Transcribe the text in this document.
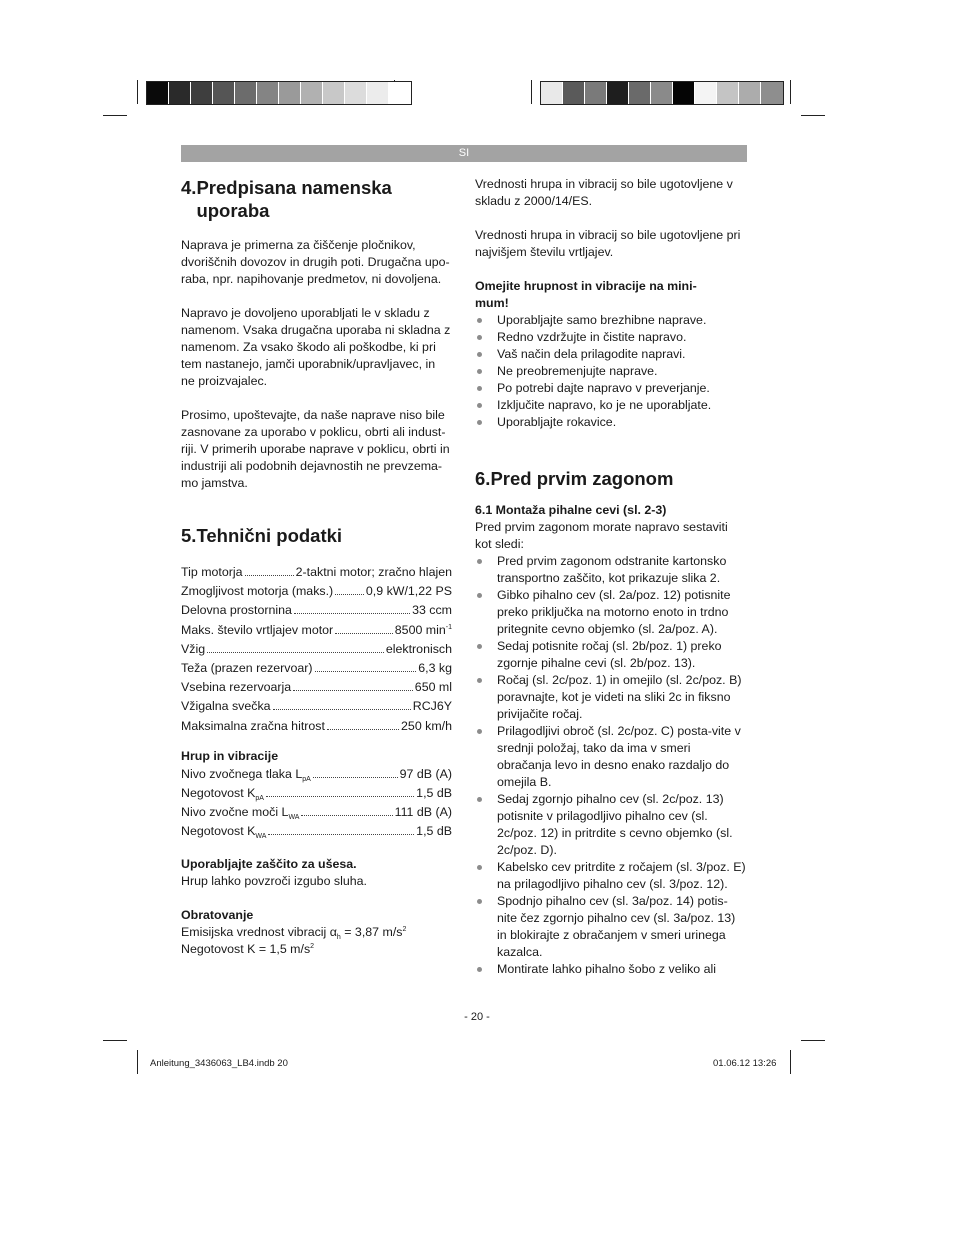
SI
4. Predpisana namenska uporaba

Naprava je primerna za čiščenje pločnikov, dvoriščnih dovozov in drugih poti. Drugačna upo-raba, npr. napihovanje predmetov, ni dovoljena.

Napravo je dovoljeno uporabljati le v skladu z namenom. Vsaka drugačna uporaba ni skladna z namenom. Za vsako škodo ali poškodbe, ki pri tem nastanejo, jamči uporabnik/upravljavec, in ne proizvajalec.

Prosimo, upoštevajte, da naše naprave niso bile zasnovane za uporabo v poklicu, obrti ali indust-riji. V primerih uporabe naprave v poklicu, obrti in industriji ali podobnih dejavnostih ne prevzema-mo jamstva.

5. Tehnični podatki
Tip motorja	2-taktni motor; zračno hlajen
Zmogljivost motorja (maks.)	0,9 kW/1,22 PS
Delovna prostornina	33 ccm
Maks. število vrtljajev motor	8500 $\min^{-1}$
Vžig	elektronisch
Teža (prazen rezervoar)	6,3 kg
Vsebina rezervoarja	650 ml
Vžigalna svečka	RCJ6Y
Maksimalna zračna hitrost	250 km/h

Hrup in vibracije

Nivo zvočnega tlaka $L_{pA}$	97 dB (A)
Negotovost $K_{pA}$	1,5 dB
Nivo zvočne moči $L_{WA}$	111 dB (A)
Negotovost $K_{WA}$	1,5 dB

Uporabljajte zaščito za ušesa.

Hrup lahko povzroči izgubo sluha.

Obratovanje

Emisijska vrednost vibracij $\alpha_h = 3,87$ $m/s^2$

Negotovost K = 1,5 $m/s^2$

Vrednosti hrupa in vibracij so bile ugotovljene v skladu z 2000/14/ES.

Vrednosti hrupa in vibracij so bile ugotovljene pri najvišjem številu vrtljajev.

Omejite hrupnost in vibracije na mini-mum!

Uporabljajte samo brezhibne naprave.
Redno vzdržujte in čistite napravo.
Vaš način dela prilagodite napravi.
Ne preobremenjujte naprave.
Po potrebi dajte napravo v preverjanje.
Izključite napravo, ko je ne uporabljate.
Uporabljajte rokavice.
6. Pred prvim zagonom

6.1 Montaža pihalne cevi (sl. 2-3)

Pred prvim zagonom morate napravo sestaviti kot sledi:

Pred prvim zagonom odstranite kartonsko transportno zaščito, kot prikazuje slika 2.
Gibko pihalno cev (sl. 2a/poz. 12) potisnite preko priključka na motorno enoto in trdno pritegnite cevno objemko (sl. 2a/poz. A).
Sedaj potisnite ročaj (sl. 2b/poz. 1) preko zgornje pihalne cevi (sl. 2b/poz. 13).
Ročaj (sl. 2c/poz. 1) in omejilo (sl. 2c/poz. B) poravnajte, kot je videti na sliki 2c in fiksno privijačite ročaj.
Prilagodljivi obroč (sl. 2c/poz. C) posta-vite v srednji položaj, tako da ima v smeri obračanja levo in desno enako razdaljo do omejila B.
Sedaj zgornjo pihalno cev (sl. 2c/poz. 13) potisnite v prilagodljivo pihalno cev (sl. 2c/poz. 12) in pritrdite s cevno objemko (sl. 2c/poz. D).
Kabelsko cev pritrdite z ročajem (sl. 3/poz. E) na prilagodljivo pihalno cev (sl. 3/poz. 12).
Spodnjo pihalno cev (sl. 3a/poz. 14) potis-nite čez zgornjo pihalno cev (sl. 3a/poz. 13) in blokirajte z obračanjem v smeri urinega kazalca.
Montirate lahko pihalno šobo z veliko ali
- 20 -
Anleitung_3436063_LB4.indb 20	01.06.12 13:26
